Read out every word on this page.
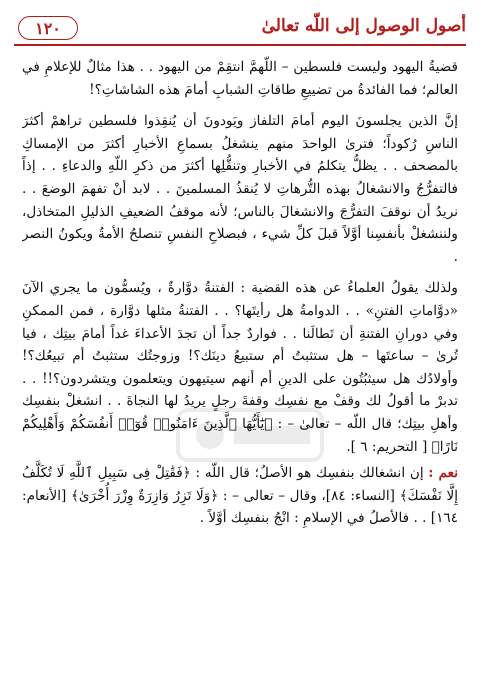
أصول الوصول إلى اللّه تعالىٰ
١٢٠

قضيةُ اليهود وليست فلسطين – اللَّهمَّ انتقِمْ من اليهود . . هذا مثالٌ للإعلامِ في العالم؛ فما الفائدةُ من تضييعِ طاقاتِ الشبابِ أمامَ هذه الشاشاتِ؟!

إنَّ الذين يجلسونَ اليوم أمامَ التلفاز ويَودونَ أن يُنقِذوا فلسطين تراهمْ أكثرَ الناسِ رُكوداً؛ فترىٰ الواحدَ منهم ينشغلُ بسماعِ الأخبارِ أكثرَ من الإمساكِ بالمصحف . . يظلُّ يتكلمُ في الأخبارِ وتنقُّلِها أكثرَ من ذكرِ اللّهِ والدعاءِ . . إذاً فالتفرُّجُ والانشغالُ بهذه التُّرهاتِ لا يُنقذُ المسلمينَ . . لابد أنْ تفهمَ الوضعَ . . نريدُ أن نوقفَ التفرُّجَ والانشغالَ بالناس؛ لأنه موقفُ الضعيفِ الذليلِ المتخاذل، ولننشغلْ بأنفسِنا أوَّلاً قبلَ كلِّ شيء ، فبصلاحِ النفسِ تنصلحُ الأمةُ ويكونُ النصر .

ولذلك يقولُ العلماءُ عن هذه القضية : الفتنةُ دوَّارةٌ ، ويُسمُّون ما يجري الآنَ «دوَّاماتِ الفتنِ» . . الدوامةُ هل رأيتَها؟ . . الفتنةُ مثلها دوَّارة ، فمن الممكنِ وفي دورانِ الفتنةِ أن تَطالَنا . . فواردٌ جداً أن تجدَ الأعداءَ غداً أمامَ بيتِك ، فيا تُرىٰ – ساعتَها – هل ستثبتُ أم ستبيعُ دينَك؟! وزوجتُك ستثبتُ أم تبيعُك؟! وأولادُك هل سيثبُتُون على الدينِ أم أنهم سيتيهون ويتعلمون ويتشردون؟!! . . تدبرْ ما أقولُ لك وقفْ مع نفسِك وقفةَ رجلٍ يريدُ لها النجاةَ . . انشغلْ بنفسِك وأهلِ بيتِك؛ قال اللّه – تعالىٰ – : ﴿يَٰٓأَيُّهَا ٱلَّذِينَ ءَامَنُوا۟ قُوٓا۟ أَنفُسَكُمْ وَأَهْلِيكُمْ نَارًا﴾ [ التحريم: ٦ ].

نعم : إن انشغالك بنفسِك هو الأصلُ؛ قال اللّه : ﴿فَقَٰتِلْ فِى سَبِيلِ ٱللَّهِ لَا تُكَلَّفُ إِلَّا نَفْسَكَ﴾ [النساء: ٨٤]، وقال – تعالى – : ﴿وَلَا تَزِرُ وَازِرَةٌ وِزْرَ أُخْرَىٰ﴾ [الأنعام: ١٦٤] . . فالأصلُ في الإسلامِ : انْجُ بنفسِك أوَّلاً .
